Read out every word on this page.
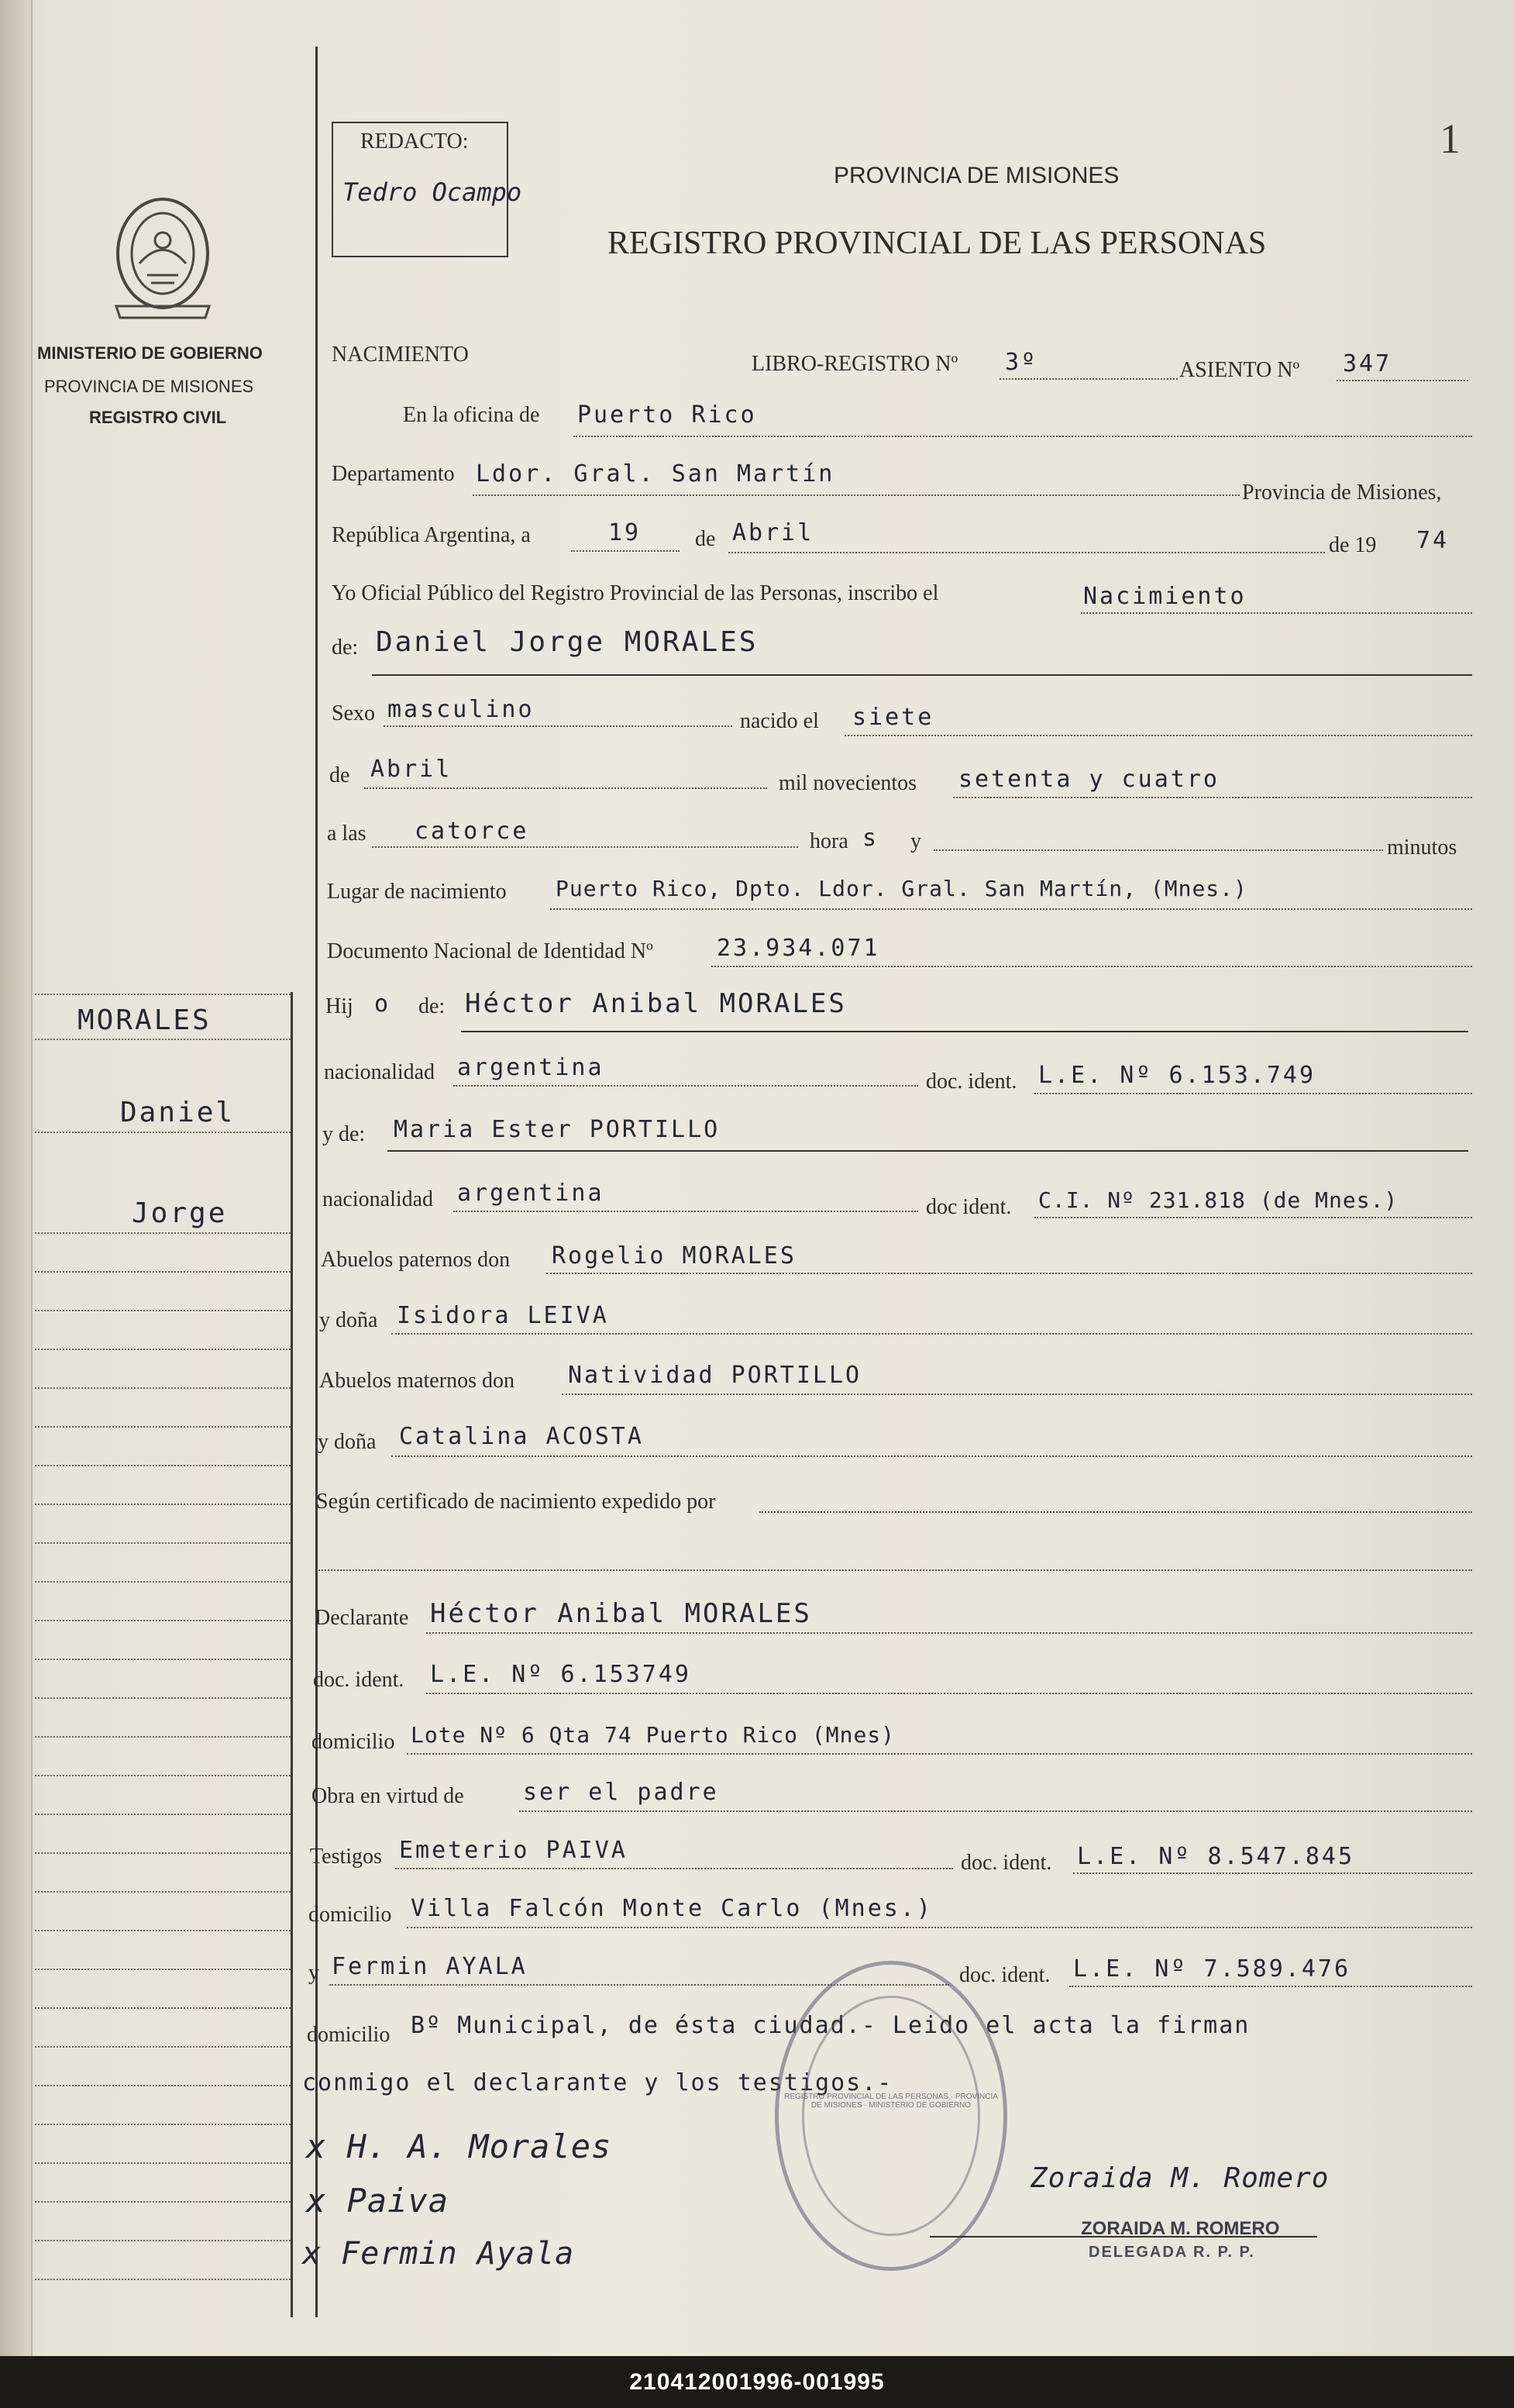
MINISTERIO DE GOBIERNO
PROVINCIA DE MISIONES
REGISTRO CIVIL
MORALES
Daniel
Jorge
REDACTO:
Tedro Ocampo
PROVINCIA DE MISIONES
REGISTRO PROVINCIAL DE LAS PERSONAS
1
NACIMIENTO	LIBRO-REGISTRO Nº 3º	ASIENTO Nº 347
En la oficina de Puerto Rico
Departamento Ldor. Gral. San Martín
Provincia de Misiones,
República Argentina, a	19 de Abril	de 19 74
Yo Oficial Público del Registro Provincial de las Personas, inscribo el	Nacimiento
de: Daniel Jorge MORALES
Sexo masculino	nacido el siete
de Abril
mil novecientos setenta y cuatro
a las catorce	hora s y	minutos
Lugar de nacimiento Puerto Rico, Dpto. Ldor. Gral. San Martín, (Mnes.)
Documento Nacional de Identidad Nº	23.934.071
Hij o de: Héctor Anibal MORALES
nacionalidad argentina
doc. ident. L.E. Nº 6.153.749
y de: Maria Ester PORTILLO
nacionalidad argentina
doc ident. C.I. Nº 231.818 (de Mnes.)
Abuelos paternos don Rogelio MORALES
y doña Isidora LEIVA
Abuelos maternos don Natividad PORTILLO
y doña Catalina ACOSTA
Según certificado de nacimiento expedido por
Declarante Héctor Anibal MORALES
doc. ident. L.E. Nº 6.153749
domicilio Lote Nº 6 Qta 74 Puerto Rico (Mnes)
Obra en virtud de	ser el padre
Testigos Emeterio PAIVA	doc. ident. L.E. Nº 8.547.845
domicilio Villa Falcón Monte Carlo (Mnes.)
y Fermin AYALA	doc. ident. L.E. Nº 7.589.476
domicilio Bº Municipal, de ésta ciudad.- Leido el acta la firman
conmigo el declarante y los testigos.-
x H. A. Morales
x Paiva
x Fermin Ayala
REGISTRO PROVINCIAL DE LAS PERSONAS · PROVINCIA DE MISIONES · MINISTERIO DE GOBIERNO
Zoraida M. Romero
ZORAIDA M. ROMERO
DELEGADA R. P. P.
210412001996-001995
